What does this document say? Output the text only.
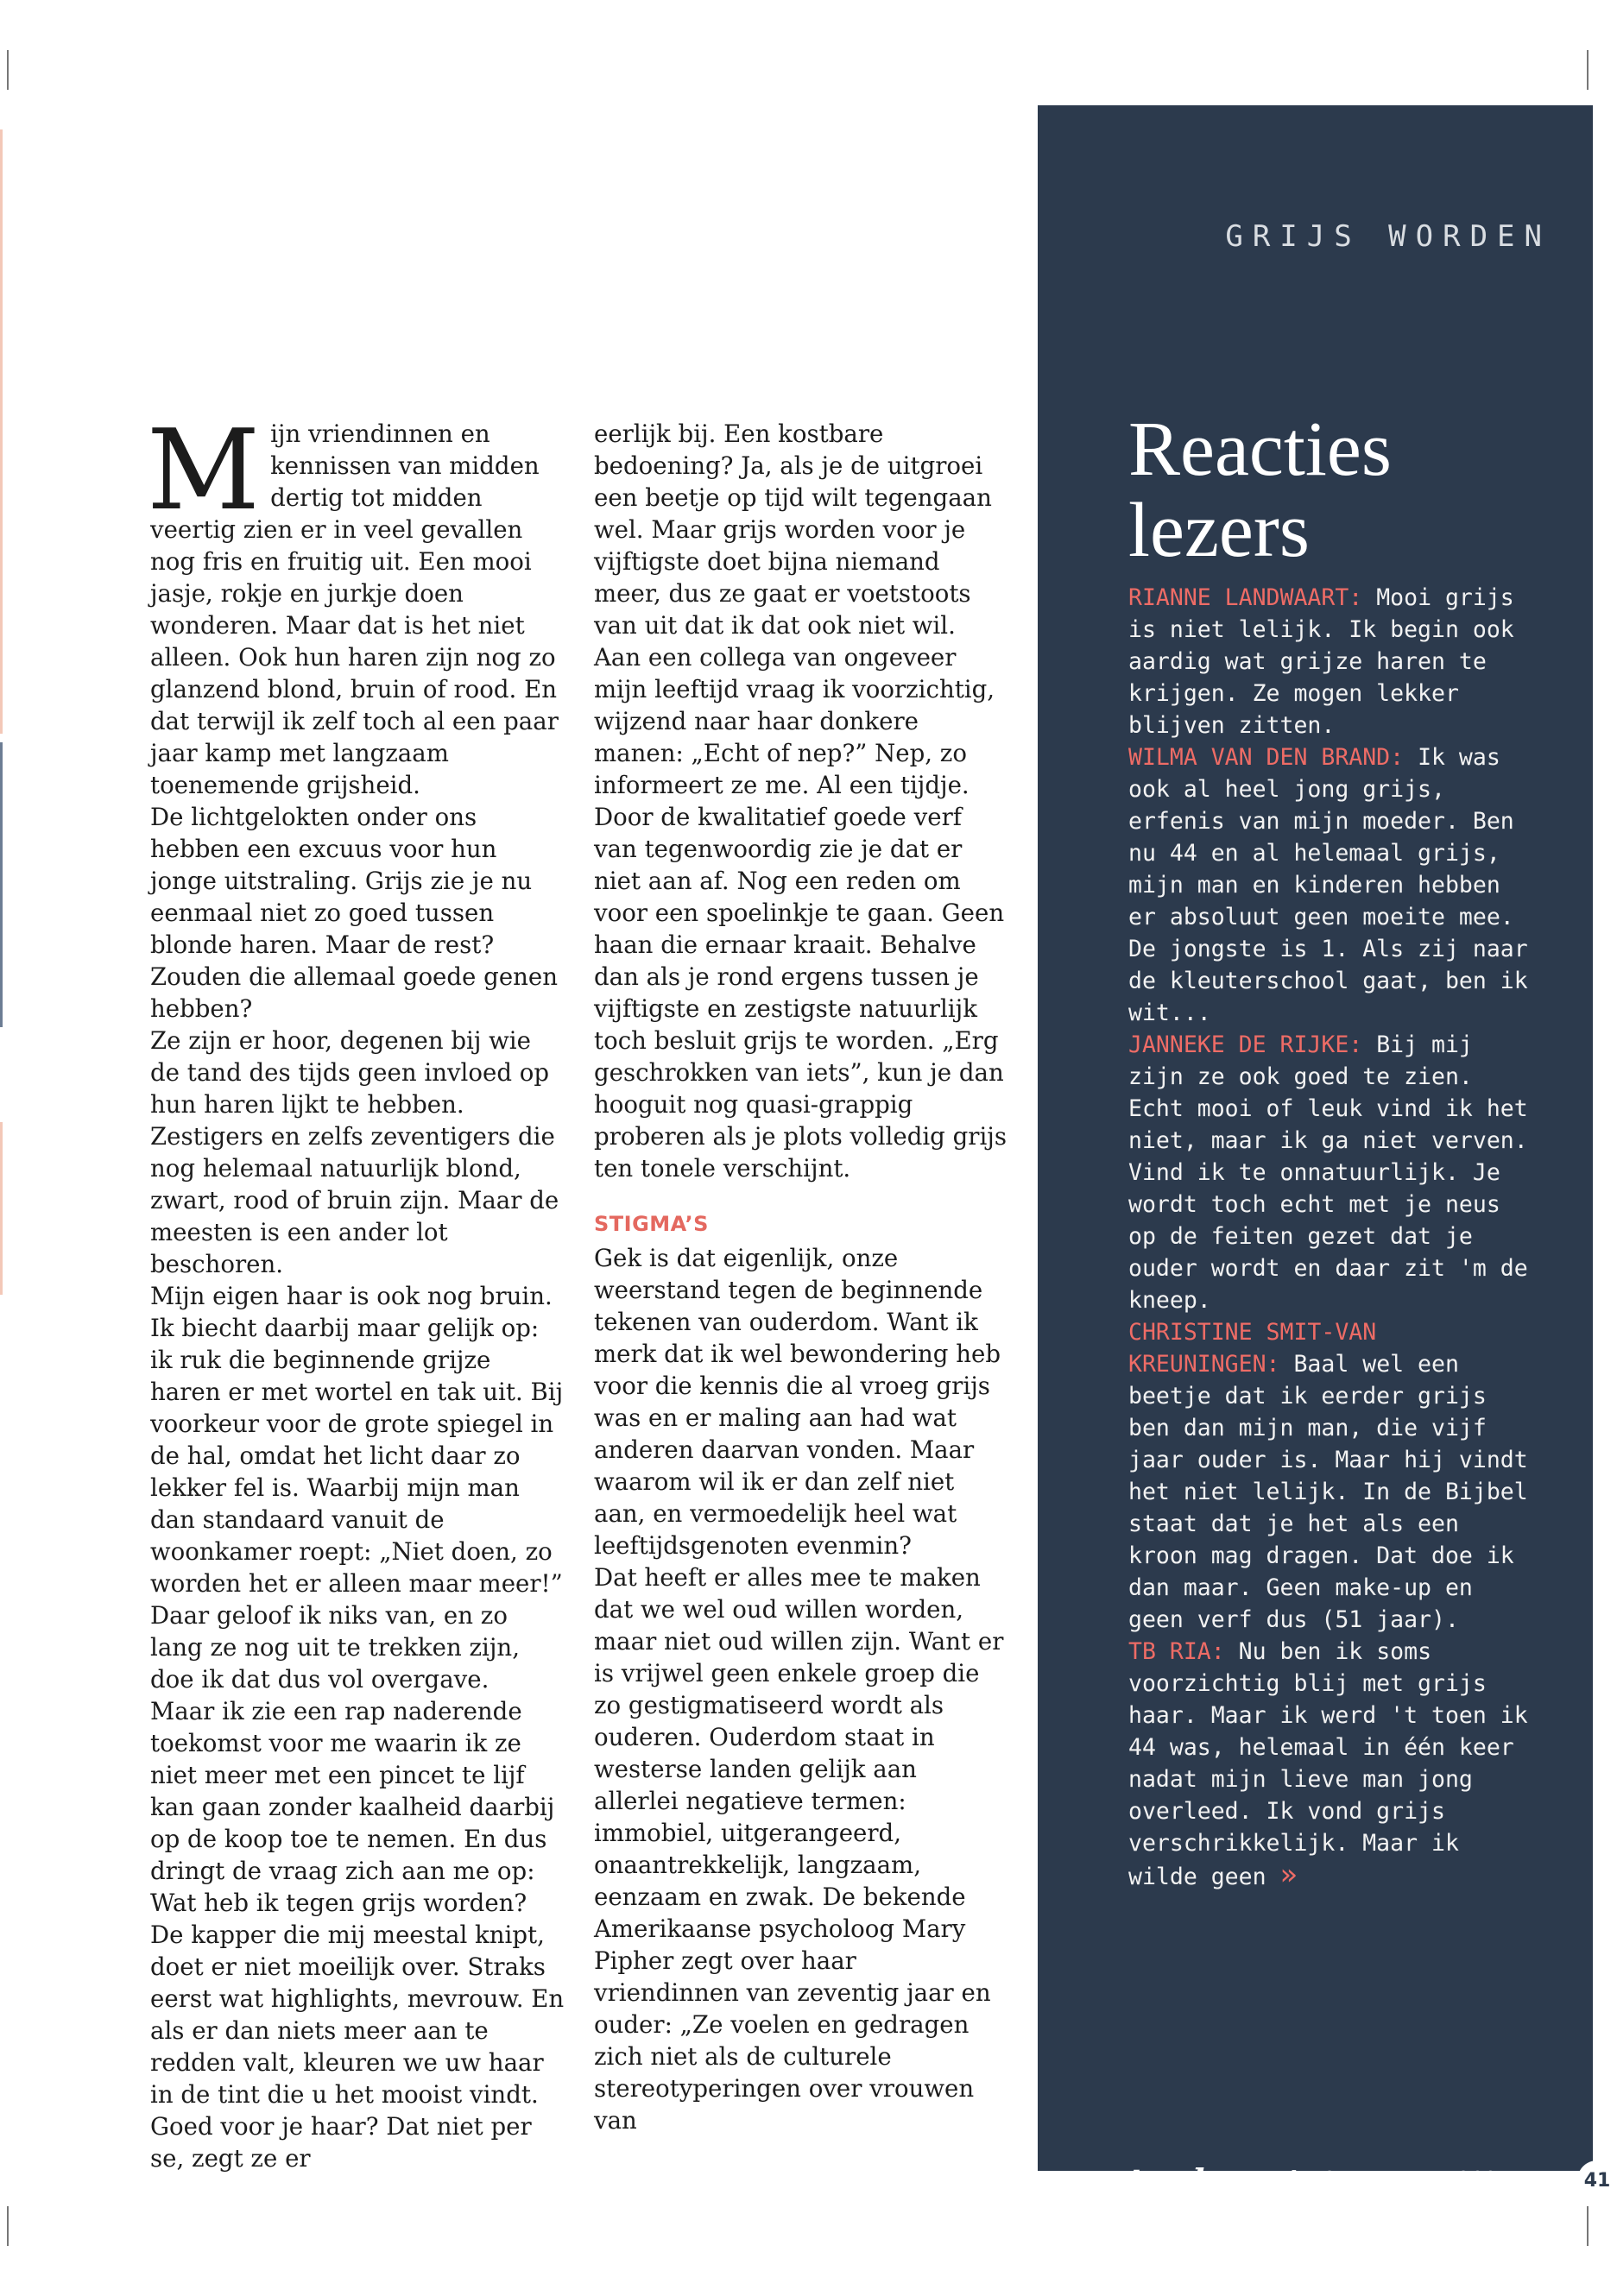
Mijn vriendinnen en kennissen van midden dertig tot midden veertig zien er in veel gevallen nog fris en fruitig uit. Een mooi jasje, rokje en jurkje doen wonderen. Maar dat is het niet alleen. Ook hun haren zijn nog zo glanzend blond, bruin of rood. En dat terwijl ik zelf toch al een paar jaar kamp met langzaam toenemende grijsheid.

De lichtgelokten onder ons hebben een excuus voor hun jonge uitstraling. Grijs zie je nu eenmaal niet zo goed tussen blonde haren. Maar de rest? Zouden die allemaal goede genen hebben?

Ze zijn er hoor, degenen bij wie de tand des tijds geen invloed op hun haren lijkt te hebben. Zestigers en zelfs zeventigers die nog helemaal natuurlijk blond, zwart, rood of bruin zijn. Maar de meesten is een ander lot beschoren.

Mijn eigen haar is ook nog bruin. Ik biecht daarbij maar gelijk op: ik ruk die beginnende grijze haren er met wortel en tak uit. Bij voorkeur voor de grote spiegel in de hal, omdat het licht daar zo lekker fel is. Waarbij mijn man dan standaard vanuit de woonkamer roept: „Niet doen, zo worden het er alleen maar meer!” Daar geloof ik niks van, en zo lang ze nog uit te trekken zijn, doe ik dat dus vol overgave.

Maar ik zie een rap naderende toekomst voor me waarin ik ze niet meer met een pincet te lijf kan gaan zonder kaalheid daarbij op de koop toe te nemen. En dus dringt de vraag zich aan me op: Wat heb ik tegen grijs worden?

De kapper die mij meestal knipt, doet er niet moeilijk over. Straks eerst wat highlights, mevrouw. En als er dan niets meer aan te redden valt, kleuren we uw haar in de tint die u het mooist vindt. Goed voor je haar? Dat niet per se, zegt ze er

eerlijk bij. Een kostbare bedoening? Ja, als je de uitgroei een beetje op tijd wilt tegengaan wel. Maar grijs worden voor je vijftigste doet bijna niemand meer, dus ze gaat er voetstoots van uit dat ik dat ook niet wil.

Aan een collega van ongeveer mijn leeftijd vraag ik voorzichtig, wijzend naar haar donkere manen: „Echt of nep?” Nep, zo informeert ze me. Al een tijdje.

Door de kwalitatief goede verf van tegenwoordig zie je dat er niet aan af. Nog een reden om voor een spoelinkje te gaan. Geen haan die ernaar kraait. Behalve dan als je rond ergens tussen je vijftigste en zestigste natuurlijk toch besluit grijs te worden. „Erg geschrokken van iets”, kun je dan hooguit nog quasi-grappig proberen als je plots volledig grijs ten tonele verschijnt.

STIGMA’S

Gek is dat eigenlijk, onze weerstand tegen de beginnende tekenen van ouderdom. Want ik merk dat ik wel bewondering heb voor die kennis die al vroeg grijs was en er maling aan had wat anderen daarvan vonden. Maar waarom wil ik er dan zelf niet aan, en vermoedelijk heel wat leeftijdsgenoten evenmin?

Dat heeft er alles mee te maken dat we wel oud willen worden, maar niet oud willen zijn. Want er is vrijwel geen enkele groep die zo gestigmatiseerd wordt als ouderen. Ouderdom staat in westerse landen gelijk aan allerlei negatieve termen: immobiel, uitgerangeerd, onaantrekkelijk, langzaam, eenzaam en zwak. De bekende Amerikaanse psycholoog Mary Pipher zegt over haar vriendinnen van zeventig jaar en ouder: „Ze voelen en gedragen zich niet als de culturele stereotyperingen over vrouwen van

GRIJS WORDEN
Reacties
lezers

RIANNE LANDWAART: Mooi grijs is niet lelijk. Ik begin ook aardig wat grijze haren te krijgen. Ze mogen lekker blijven zitten.

WILMA VAN DEN BRAND: Ik was ook al heel jong grijs, erfenis van mijn moeder. Ben nu 44 en al helemaal grijs, mijn man en kinderen hebben er absoluut geen moeite mee. De jongste is 1. Als zij naar de kleuterschool gaat, ben ik wit...

JANNEKE DE RIJKE: Bij mij zijn ze ook goed te zien. Echt mooi of leuk vind ik het niet, maar ik ga niet verven. Vind ik te onnatuurlijk. Je wordt toch echt met je neus op de feiten gezet dat je ouder wordt en daar zit 'm de kneep.

CHRISTINE SMIT-VAN KREUNINGEN: Baal wel een beetje dat ik eerder grijs ben dan mijn man, die vijf jaar ouder is. Maar hij vindt het niet lelijk. In de Bijbel staat dat je het als een kroon mag dragen. Dat doe ik dan maar. Geen make-up en geen verf dus (51 jaar).

TB RIA: Nu ben ik soms voorzichtig blij met grijs haar. Maar ik werd 't toen ik 44 was, helemaal in één keer nadat mijn lieve man jong overleed. Ik vond grijs verschrikkelijk. Maar ik wilde geen »

terdege ✱ 6 JANUARI 2021	41
